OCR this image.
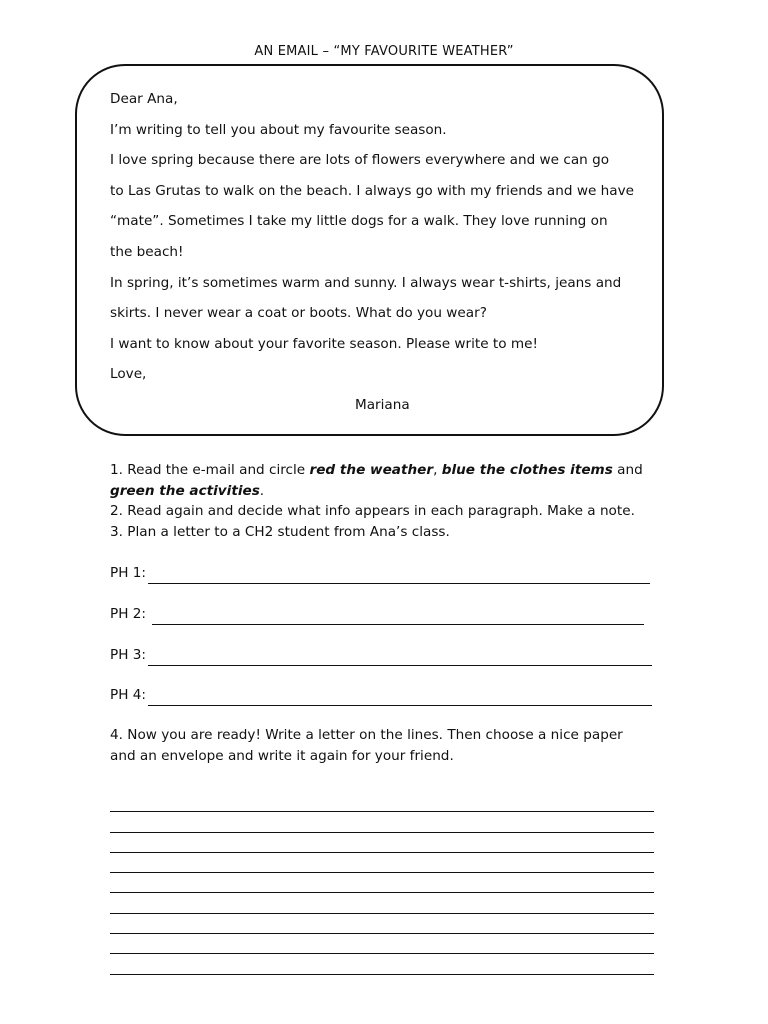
AN EMAIL – “MY FAVOURITE WEATHER”
Dear Ana,
I’m writing to tell you about my favourite season.
I love spring because there are lots of flowers everywhere and we can go
to Las Grutas to walk on the beach. I always go with my friends and we have
“mate”. Sometimes I take my little dogs for a walk. They love running on
the beach!
In spring, it’s sometimes warm and sunny. I always wear t-shirts, jeans and
skirts. I never wear a coat or boots. What do you wear?
I want to know about your favorite season. Please write to me!
Love,
Mariana
1. Read the e-mail and circle red the weather, blue the clothes items and
green the activities.
2. Read again and decide what info appears in each paragraph. Make a note.
3. Plan a letter to a CH2 student from Ana’s class.
PH 1:
PH 2:
PH 3:
PH 4:
4. Now you are ready! Write a letter on the lines. Then choose a nice paper
and an envelope and write it again for your friend.
